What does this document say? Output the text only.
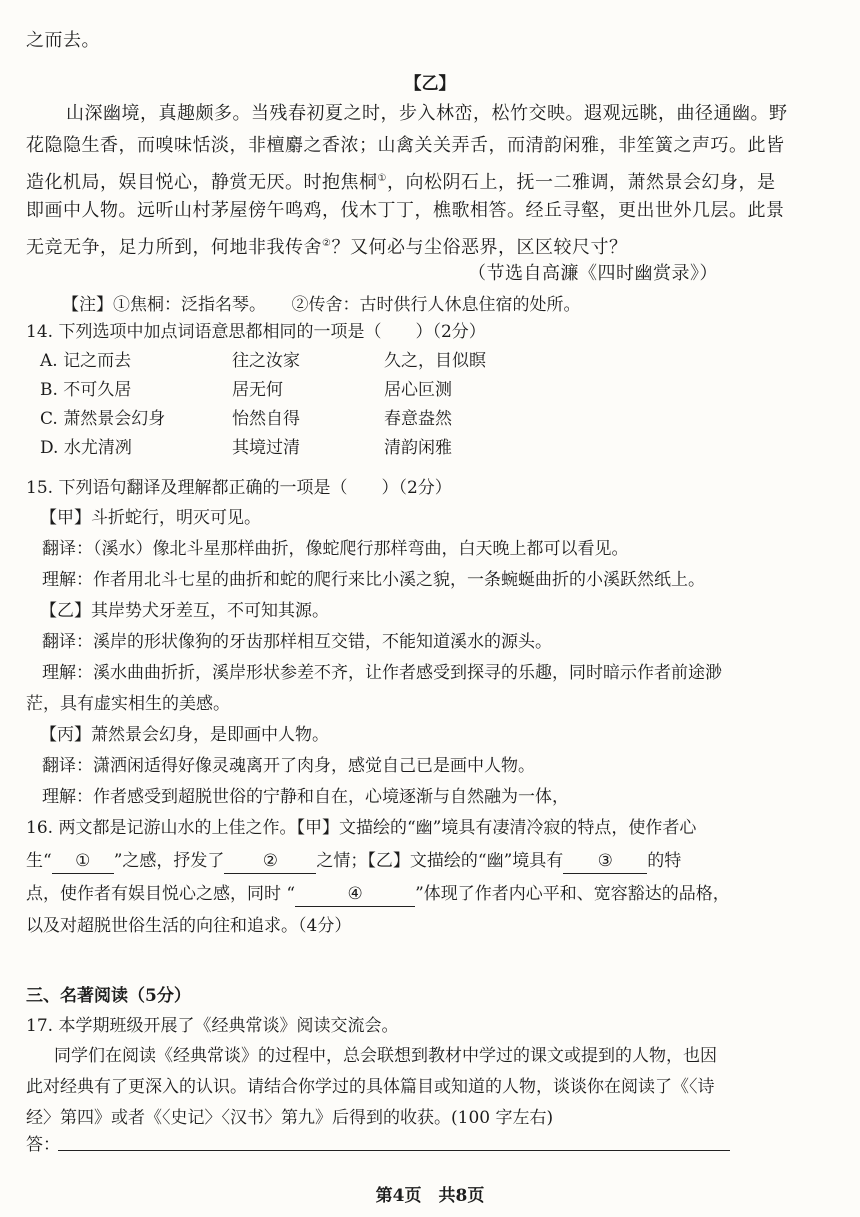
之而去。
【乙】
山深幽境，真趣颇多。当残春初夏之时，步入林峦，松竹交映。遐观远眺，曲径通幽。野
花隐隐生香，而嗅味恬淡，非檀麝之香浓；山禽关关弄舌，而清韵闲雅，非笙簧之声巧。此皆
造化机局，娱目悦心，静赏无厌。时抱焦桐①，向松阴石上，抚一二雅调，萧然景会幻身，是
即画中人物。远听山村茅屋傍午鸣鸡，伐木丁丁，樵歌相答。经丘寻壑，更出世外几层。此景
无竞无争，足力所到，何地非我传舍②？又何必与尘俗恶界，区区较尺寸？
（节选自高濂《四时幽赏录》）
【注】①焦桐：泛指名琴。　　②传舍：古时供行人休息住宿的处所。
14. 下列选项中加点词语意思都相同的一项是（　　）（2分）
A. 记之而去	往之汝家	久之，目似瞑
B. 不可久居	居无何	居心叵测
C. 萧然景会幻身	怡然自得	春意盎然
D. 水尤清冽	其境过清	清韵闲雅
15. 下列语句翻译及理解都正确的一项是（　　）（2分）
【甲】斗折蛇行，明灭可见。
翻译：（溪水）像北斗星那样曲折，像蛇爬行那样弯曲，白天晚上都可以看见。
理解：作者用北斗七星的曲折和蛇的爬行来比小溪之貌，一条蜿蜒曲折的小溪跃然纸上。
【乙】其岸势犬牙差互，不可知其源。
翻译：溪岸的形状像狗的牙齿那样相互交错，不能知道溪水的源头。
理解：溪水曲曲折折，溪岸形状参差不齐，让作者感受到探寻的乐趣，同时暗示作者前途渺
茫，具有虚实相生的美感。
【丙】萧然景会幻身，是即画中人物。
翻译：潇洒闲适得好像灵魂离开了肉身，感觉自己已是画中人物。
理解：作者感受到超脱世俗的宁静和自在，心境逐渐与自然融为一体，
16. 两文都是记游山水的上佳之作。【甲】文描绘的“幽”境具有凄清冷寂的特点，使作者心
生“ ① ”之感，抒发了 ② 之情；【乙】文描绘的“幽”境具有 ③ 的特
点，使作者有娱目悦心之感，同时 “	④	”体现了作者内心平和、宽容豁达的品格，
以及对超脱世俗生活的向往和追求。（4分）
三、名著阅读（5分）
17. 本学期班级开展了《经典常谈》阅读交流会。
同学们在阅读《经典常谈》的过程中，总会联想到教材中学过的课文或提到的人物，也因
此对经典有了更深入的认识。请结合你学过的具体篇目或知道的人物，谈谈你在阅读了《〈诗
经〉第四》或者《〈史记〉〈汉书〉第九》后得到的收获。(100 字左右)
答：
第4页　共8页
